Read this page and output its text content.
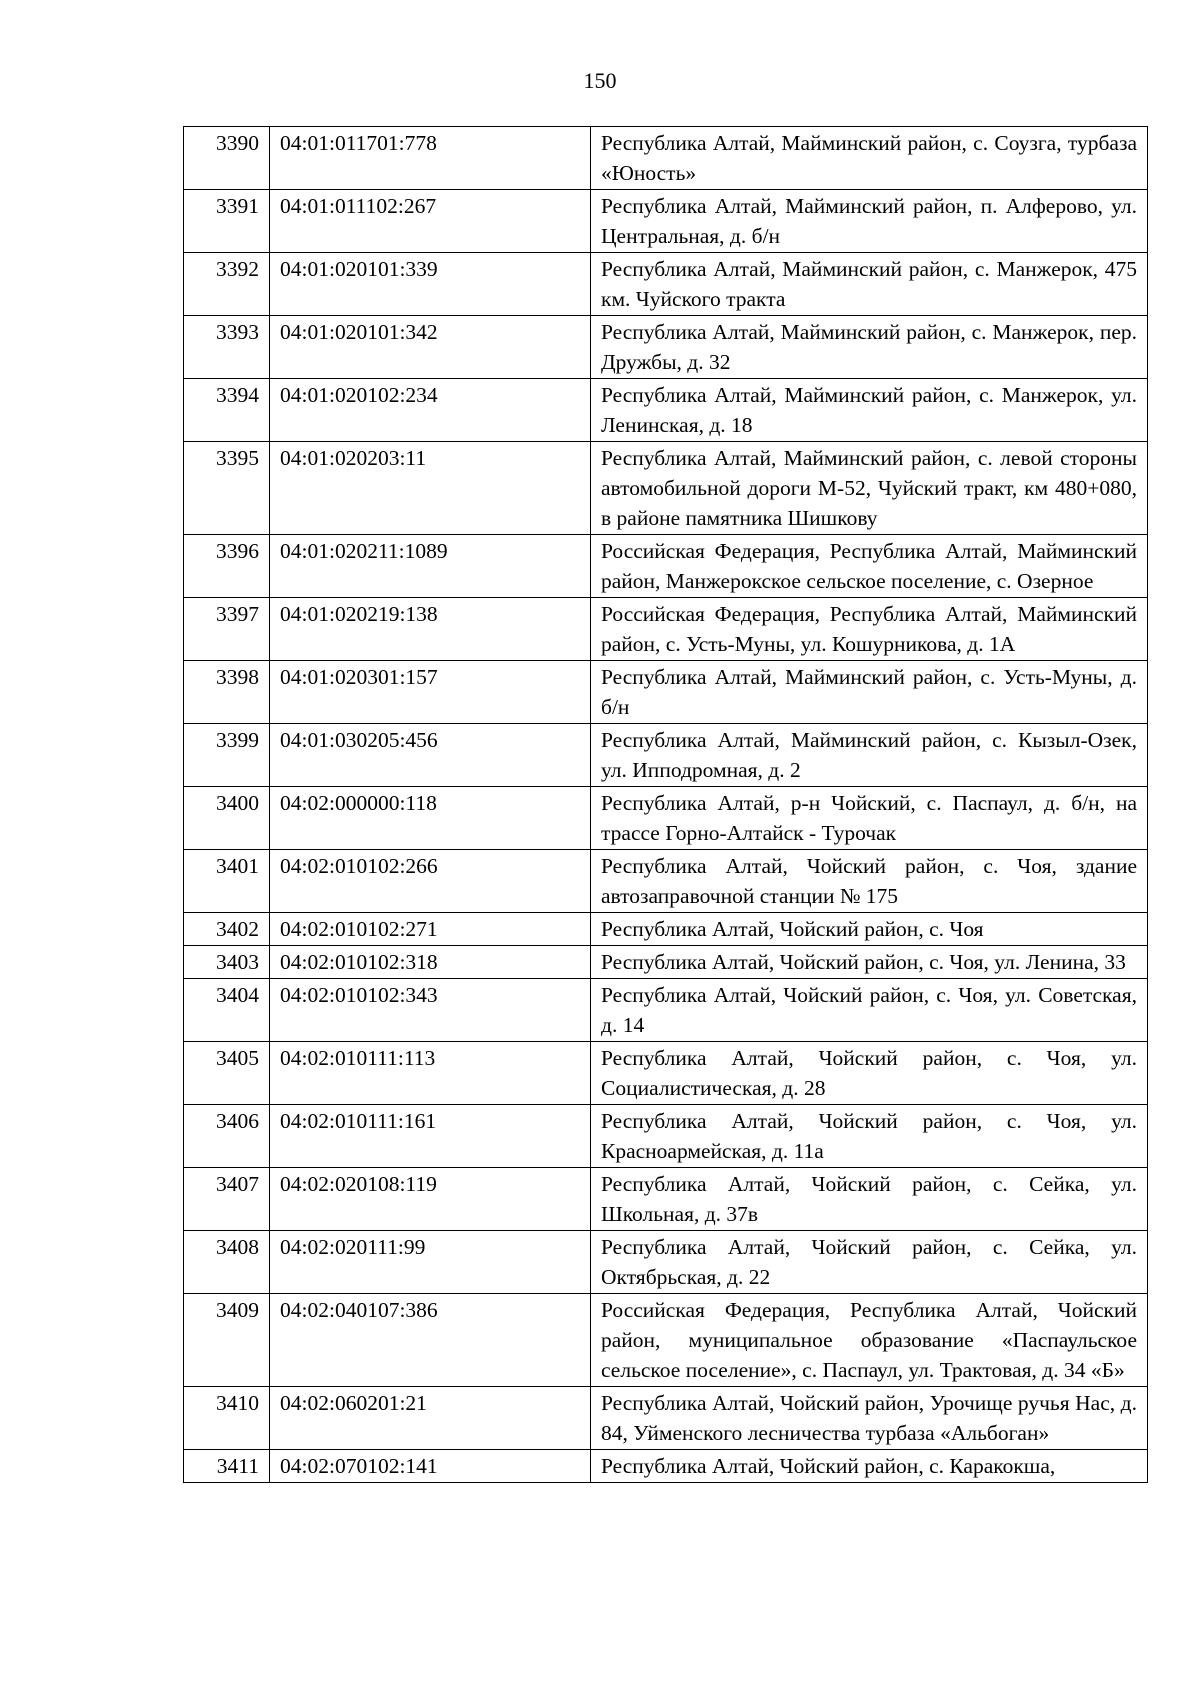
150
3390	04:01:011701:778	Республика Алтай, Майминский район, с. Соузга, турбаза «Юность»
3391	04:01:011102:267	Республика Алтай, Майминский район, п. Алферово, ул. Центральная, д. б/н
3392	04:01:020101:339	Республика Алтай, Майминский район, с. Манжерок, 475 км. Чуйского тракта
3393	04:01:020101:342	Республика Алтай, Майминский район, с. Манжерок, пер. Дружбы, д. 32
3394	04:01:020102:234	Республика Алтай, Майминский район, с. Манжерок, ул. Ленинская, д. 18
3395	04:01:020203:11	Республика Алтай, Майминский район, с. левой стороны автомобильной дороги М-52, Чуйский тракт, км 480+080, в районе памятника Шишкову
3396	04:01:020211:1089	Российская Федерация, Республика Алтай, Майминский район, Манжерокское сельское поселение, с. Озерное
3397	04:01:020219:138	Российская Федерация, Республика Алтай, Майминский район, с. Усть-Муны, ул. Кошурникова, д. 1А
3398	04:01:020301:157	Республика Алтай, Майминский район, с. Усть-Муны, д. б/н
3399	04:01:030205:456	Республика Алтай, Майминский район, с. Кызыл-Озек, ул. Ипподромная, д. 2
3400	04:02:000000:118	Республика Алтай, р-н Чойский, с. Паспаул, д. б/н, на трассе Горно-Алтайск - Турочак
3401	04:02:010102:266	Республика Алтай, Чойский район, с. Чоя, здание автозаправочной станции № 175
3402	04:02:010102:271	Республика Алтай, Чойский район, с. Чоя
3403	04:02:010102:318	Республика Алтай, Чойский район, с. Чоя, ул. Ленина, 33
3404	04:02:010102:343	Республика Алтай, Чойский район, с. Чоя, ул. Советская, д. 14
3405	04:02:010111:113	Республика Алтай, Чойский район, с. Чоя, ул. Социалистическая, д. 28
3406	04:02:010111:161	Республика Алтай, Чойский район, с. Чоя, ул. Красноармейская, д. 11а
3407	04:02:020108:119	Республика Алтай, Чойский район, с. Сейка, ул. Школьная, д. 37в
3408	04:02:020111:99	Республика Алтай, Чойский район, с. Сейка, ул. Октябрьская, д. 22
3409	04:02:040107:386	Российская Федерация, Республика Алтай, Чойский район, муниципальное образование «Паспаульское сельское поселение», с. Паспаул, ул. Трактовая, д. 34 «Б»
3410	04:02:060201:21	Республика Алтай, Чойский район, Урочище ручья Нас, д. 84, Уйменского лесничества турбаза «Альбоган»
3411	04:02:070102:141	Республика Алтай, Чойский район, с. Каракокша,
